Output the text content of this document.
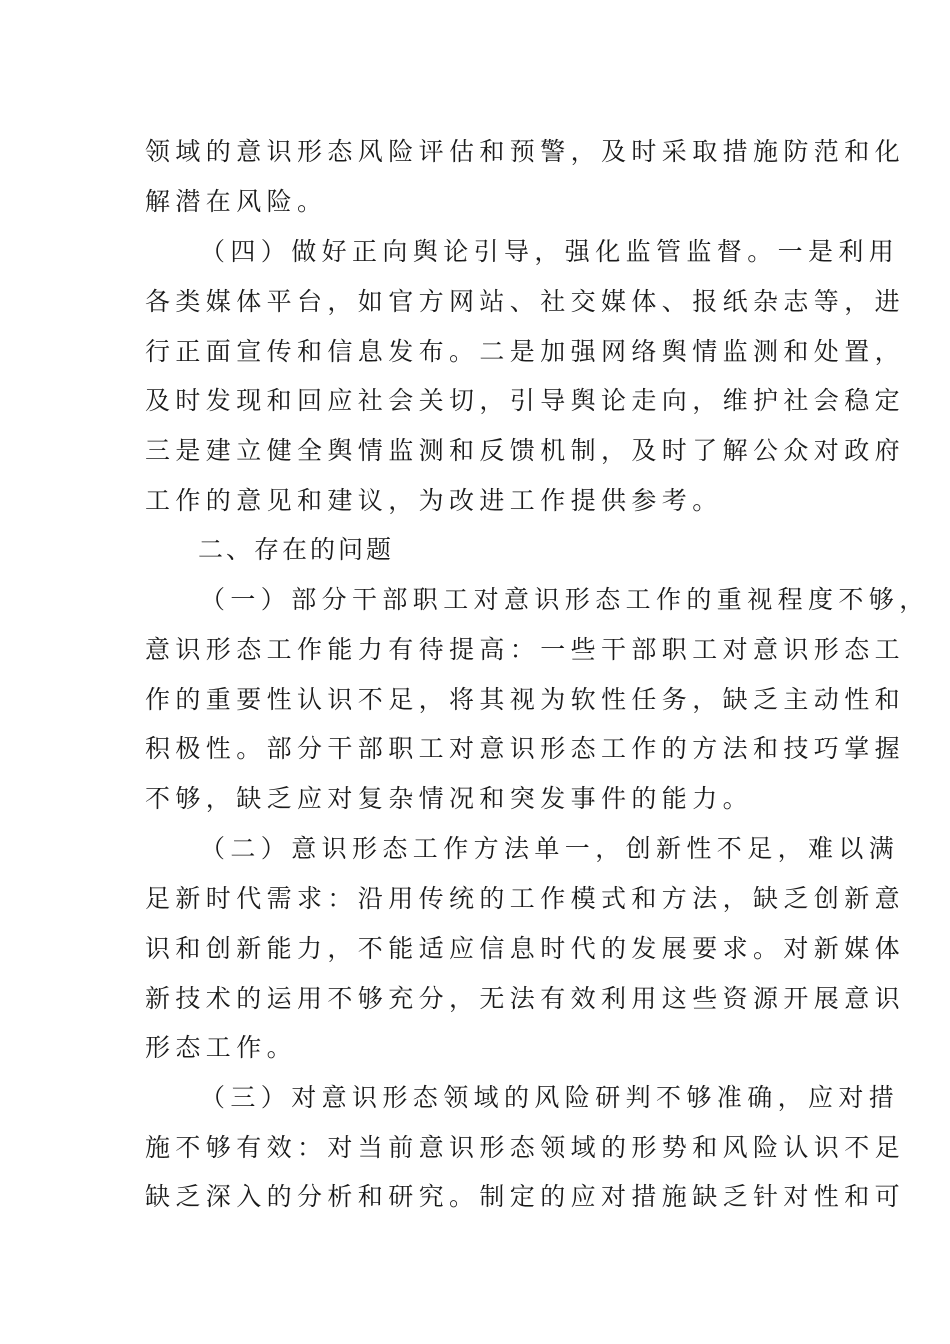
领域的意识形态风险评估和预警，及时采取措施防范和化
解潜在风险。
（四）做好正向舆论引导，强化监管监督。一是利用
各类媒体平台，如官方网站、社交媒体、报纸杂志等，进
行正面宣传和信息发布。二是加强网络舆情监测和处置，
及时发现和回应社会关切，引导舆论走向，维护社会稳定
三是建立健全舆情监测和反馈机制，及时了解公众对政府
工作的意见和建议，为改进工作提供参考。
二、存在的问题
（一）部分干部职工对意识形态工作的重视程度不够，
意识形态工作能力有待提高：一些干部职工对意识形态工
作的重要性认识不足，将其视为软性任务，缺乏主动性和
积极性。部分干部职工对意识形态工作的方法和技巧掌握
不够，缺乏应对复杂情况和突发事件的能力。
（二）意识形态工作方法单一，创新性不足，难以满
足新时代需求：沿用传统的工作模式和方法，缺乏创新意
识和创新能力，不能适应信息时代的发展要求。对新媒体
新技术的运用不够充分，无法有效利用这些资源开展意识
形态工作。
（三）对意识形态领域的风险研判不够准确，应对措
施不够有效：对当前意识形态领域的形势和风险认识不足
缺乏深入的分析和研究。制定的应对措施缺乏针对性和可
